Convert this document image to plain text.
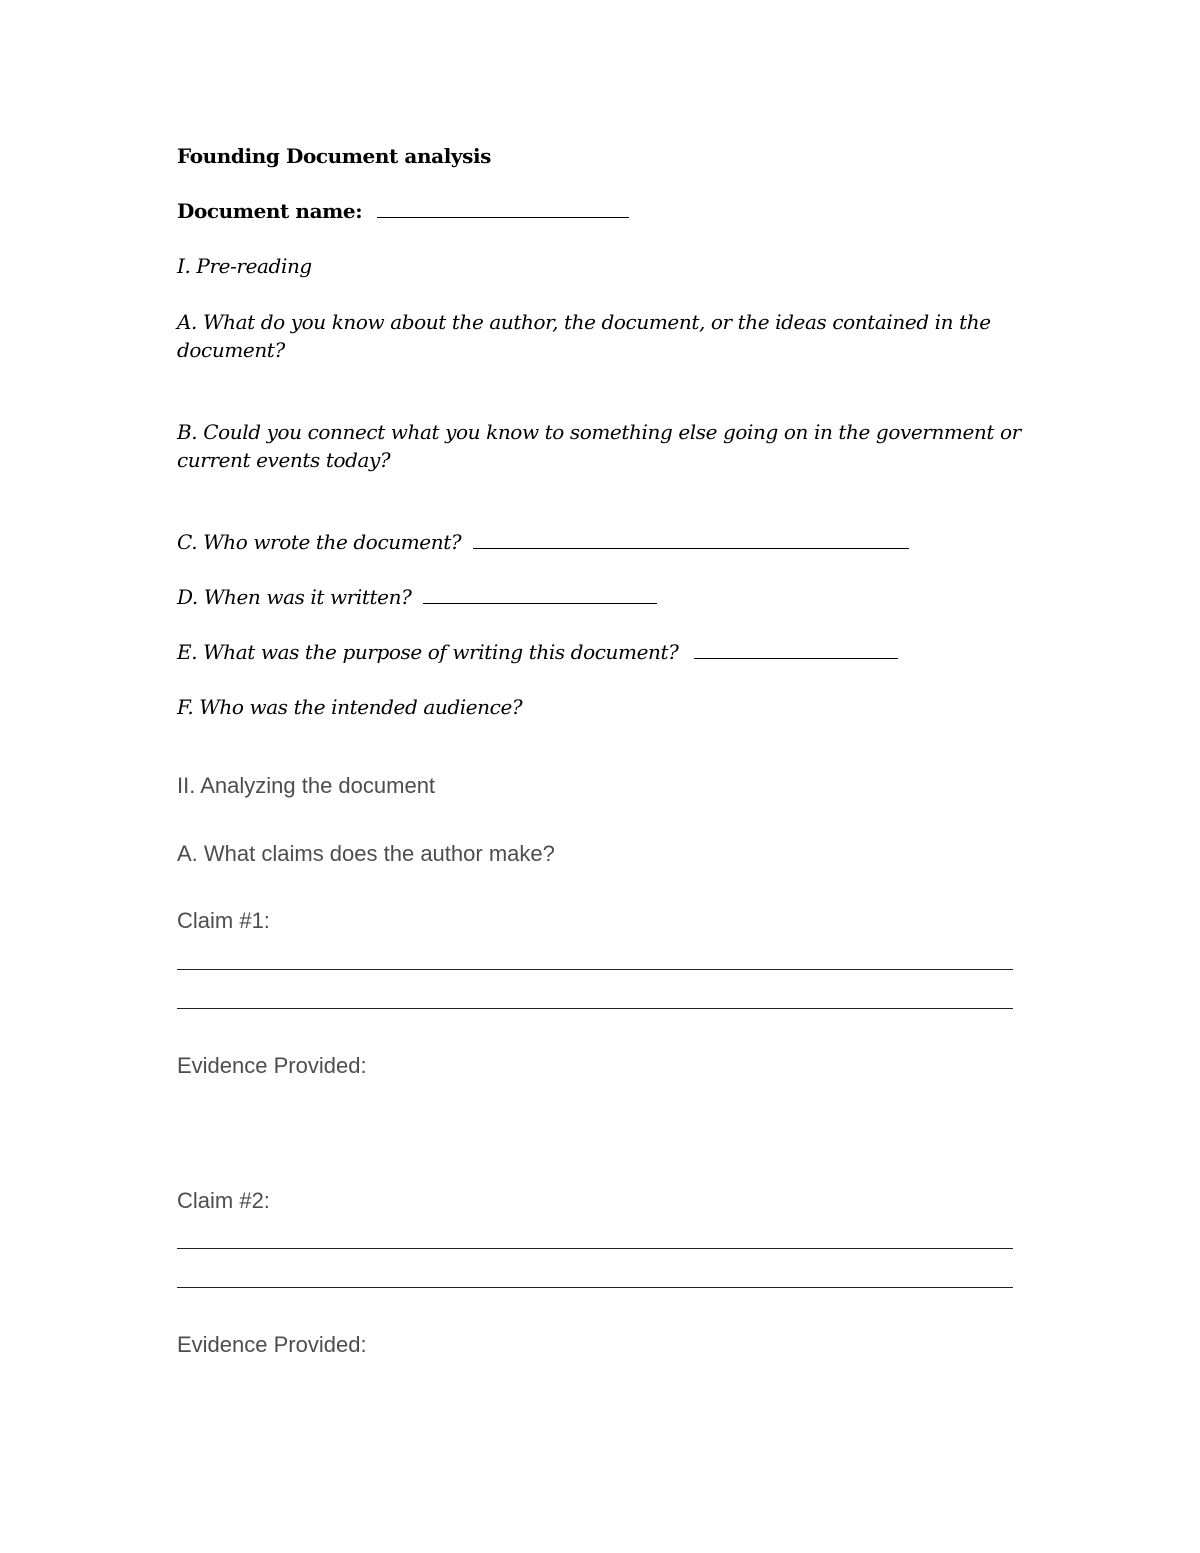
Founding Document analysis
Document name:
I. Pre-reading
A. What do you know about the author, the document, or the ideas contained in the document?
B. Could you connect what you know to something else going on in the government or current events today?
C. Who wrote the document?
D. When was it written?
E. What was the purpose of writing this document?
F. Who was the intended audience?
II. Analyzing the document
A. What claims does the author make?
Claim #1:
Evidence Provided:
Claim #2:
Evidence Provided:
